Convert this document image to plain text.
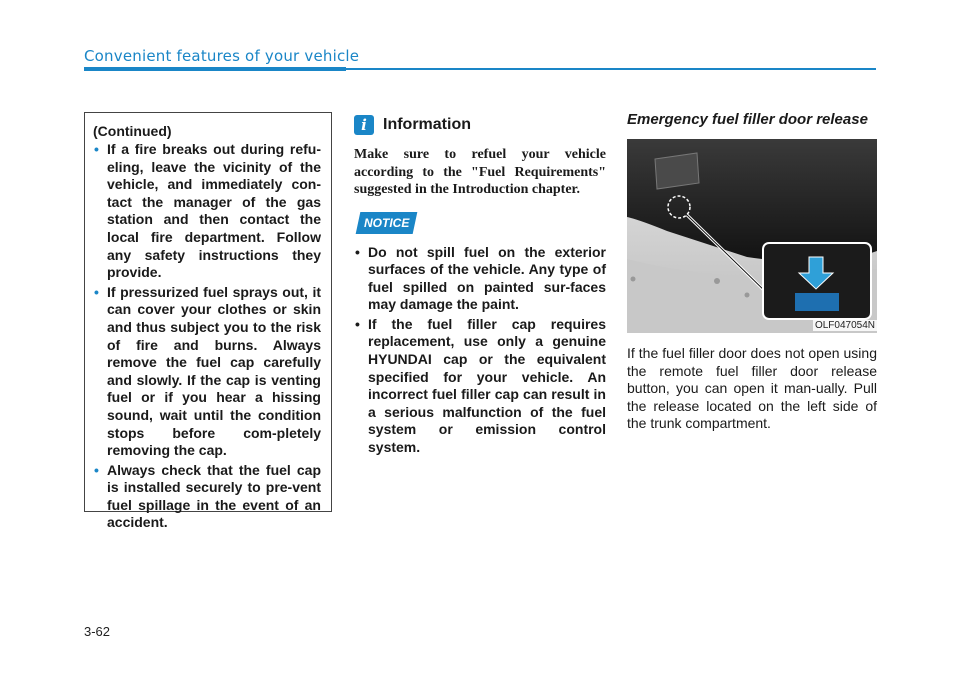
Convenient features of your vehicle
(Continued)
• If a fire breaks out during refu-eling, leave the vicinity of the vehicle, and immediately con-tact the manager of the gas station and then contact the local fire department. Follow any safety instructions they provide.
• If pressurized fuel sprays out, it can cover your clothes or skin and thus subject you to the risk of fire and burns. Always remove the fuel cap carefully and slowly. If the cap is venting fuel or if you hear a hissing sound, wait until the condition stops before com-pletely removing the cap.
• Always check that the fuel cap is installed securely to pre-vent fuel spillage in the event of an accident.
i	Information
Make sure to refuel your vehicle according to the "Fuel Requirements" suggested in the Introduction chapter.
NOTICE
• Do not spill fuel on the exterior surfaces of the vehicle. Any type of fuel spilled on painted sur-faces may damage the paint.
• If the fuel filler cap requires replacement, use only a genuine HYUNDAI cap or the equivalent specified for your vehicle. An incorrect fuel filler cap can result in a serious malfunction of the fuel system or emission control system.
Emergency fuel filler door release
OLF047054N
If the fuel filler door does not open using the remote fuel filler door release button, you can open it man-ually. Pull the release located on the left side of the trunk compartment.
3-62
